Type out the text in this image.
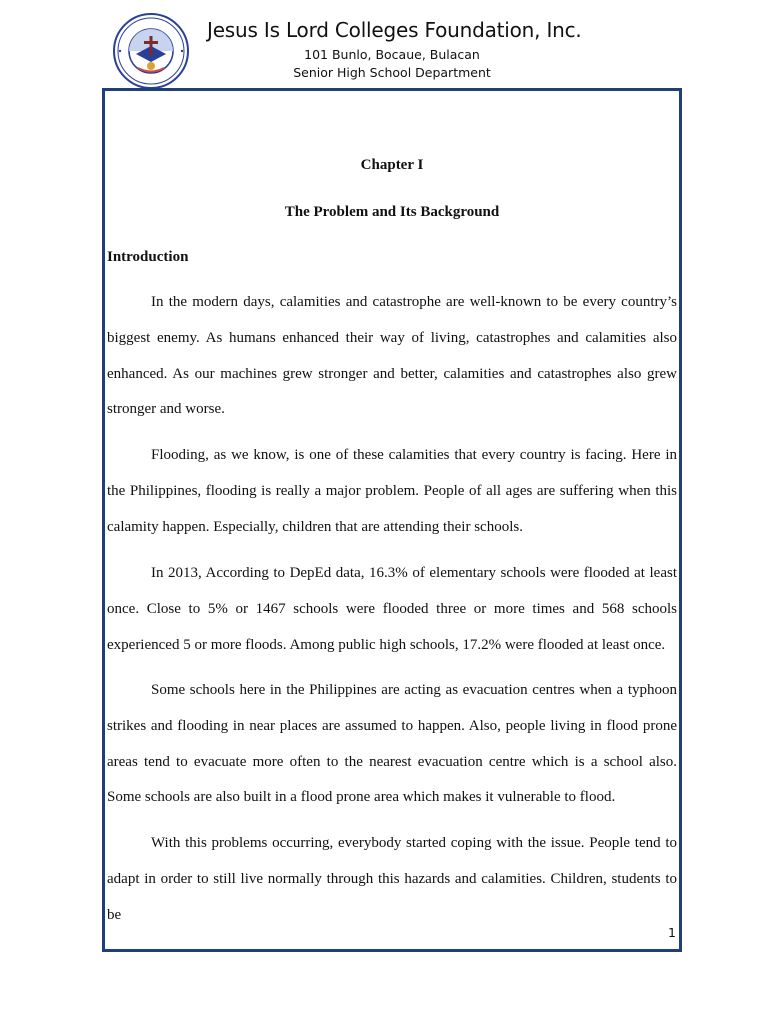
Jesus Is Lord Colleges Foundation, Inc.
101 Bunlo, Bocaue, Bulacan
Senior High School Department
Chapter I
The Problem and Its Background
Introduction

In the modern days, calamities and catastrophe are well-known to be every country’s biggest enemy. As humans enhanced their way of living, catastrophes and calamities also enhanced. As our machines grew stronger and better, calamities and catastrophes also grew stronger and worse.

Flooding, as we know, is one of these calamities that every country is facing. Here in the Philippines, flooding is really a major problem. People of all ages are suffering when this calamity happen. Especially, children that are attending their schools.

In 2013, According to DepEd data, 16.3% of elementary schools were flooded at least once. Close to 5% or 1467 schools were flooded three or more times and 568 schools experienced 5 or more floods. Among public high schools, 17.2% were flooded at least once.

Some schools here in the Philippines are acting as evacuation centres when a typhoon strikes and flooding in near places are assumed to happen. Also, people living in flood prone areas tend to evacuate more often to the nearest evacuation centre which is a school also. Some schools are also built in a flood prone area which makes it vulnerable to flood.

With this problems occurring, everybody started coping with the issue. People tend to adapt in order to still live normally through this hazards and calamities. Children, students to be

1
